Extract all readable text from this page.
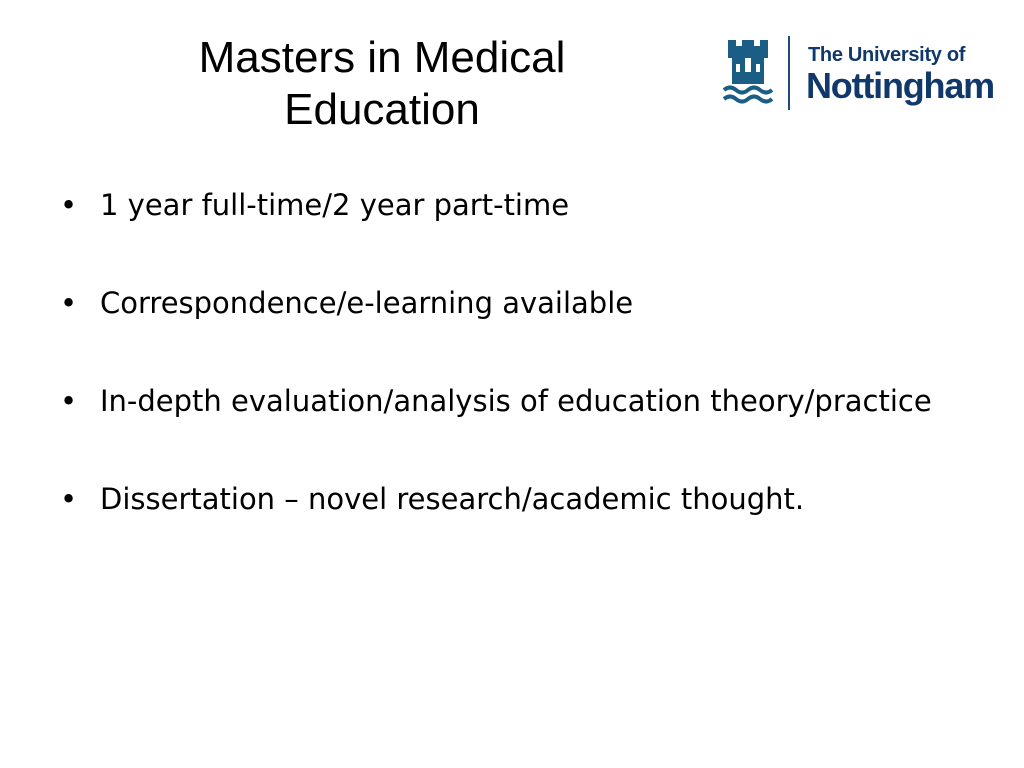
Masters in Medical
Education
The University of
Nottingham
• 1 year full-time/2 year part-time
• Correspondence/e-learning available
• In-depth evaluation/analysis of education theory/practice
• Dissertation – novel research/academic thought.
